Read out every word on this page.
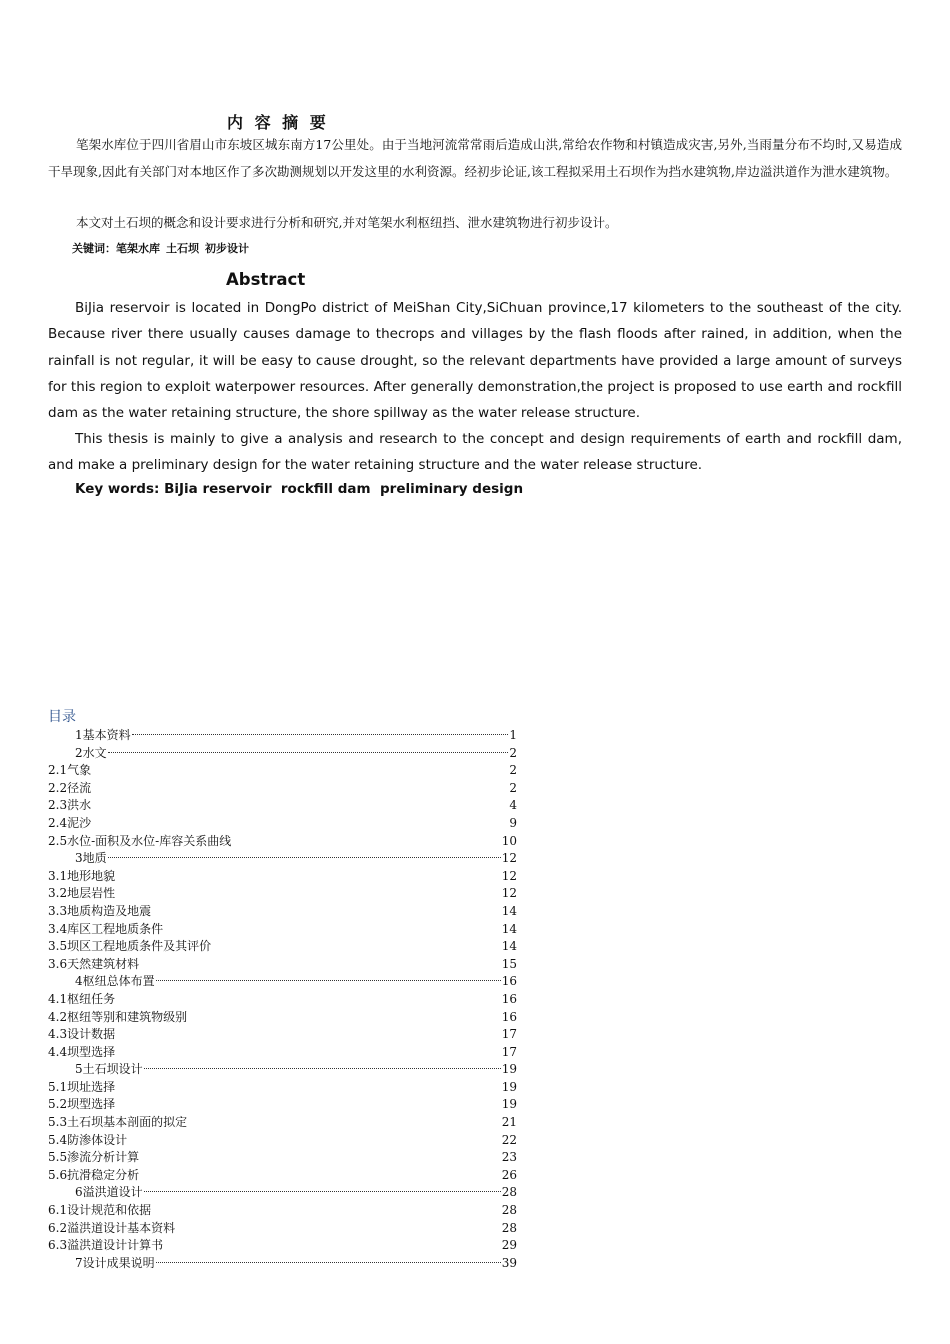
内 容 摘 要

笔架水库位于四川省眉山市东坡区城东南方17公里处。由于当地河流常常雨后造成山洪,常给农作物和村镇造成灾害,另外,当雨量分布不均时,又易造成干旱现象,因此有关部门对本地区作了多次勘测规划以开发这里的水利资源。经初步论证,该工程拟采用土石坝作为挡水建筑物,岸边溢洪道作为泄水建筑物。

本文对土石坝的概念和设计要求进行分析和研究,并对笔架水利枢纽挡、泄水建筑物进行初步设计。

关键词：笔架水库 土石坝 初步设计
Abstract

BiJia reservoir is located in DongPo district of MeiShan City,SiChuan province,17 kilometers to the southeast of the city. Because river there usually causes damage to thecrops and villages by the flash floods after rained, in addition, when the rainfall is not regular, it will be easy to cause drought, so the relevant departments have provided a large amount of surveys for this region to exploit waterpower resources. After generally demonstration,the project is proposed to use earth and rockfill dam as the water retaining structure, the shore spillway as the water release structure.

This thesis is mainly to give a analysis and research to the concept and design requirements of earth and rockfill dam, and make a preliminary design for the water retaining structure and the water release structure.

Key words: BiJia reservoir  rockfill dam  preliminary design
目录
1基本资料	1
2水文	2
2.1气象	2
2.2径流	2
2.3洪水	4
2.4泥沙	9
2.5水位-面积及水位-库容关系曲线	10
3地质	12
3.1地形地貌	12
3.2地层岩性	12
3.3地质构造及地震	14
3.4库区工程地质条件	14
3.5坝区工程地质条件及其评价	14
3.6天然建筑材料	15
4枢纽总体布置	16
4.1枢纽任务	16
4.2枢纽等别和建筑物级别	16
4.3设计数据	17
4.4坝型选择	17
5土石坝设计	19
5.1坝址选择	19
5.2坝型选择	19
5.3土石坝基本剖面的拟定	21
5.4防渗体设计	22
5.5渗流分析计算	23
5.6抗滑稳定分析	26
6溢洪道设计	28
6.1设计规范和依据	28
6.2溢洪道设计基本资料	28
6.3溢洪道设计计算书	29
7设计成果说明	39
